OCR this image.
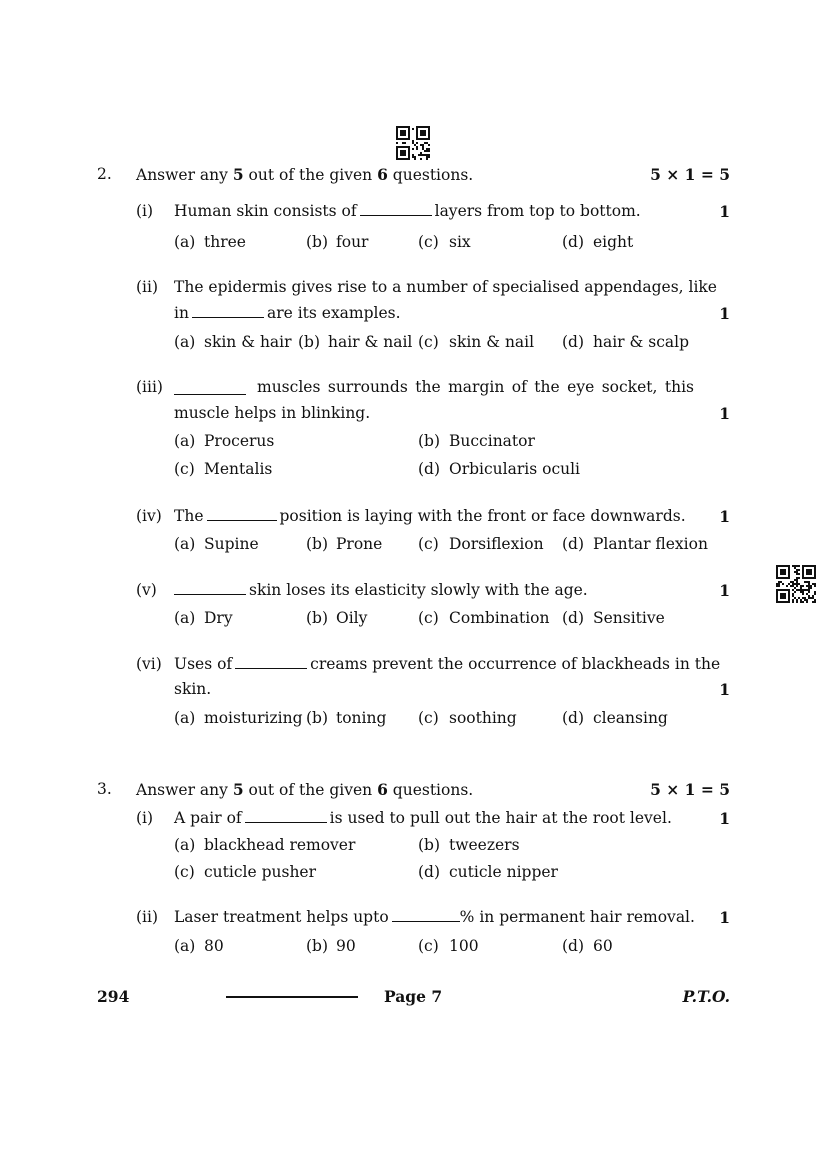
2. Answer any 5 out of the given 6 questions.	5 × 1 = 5
(i) Human skin consists of	layers from top to bottom.	1
(a) three	(b) four	(c) six	(d) eight
(ii) The epidermis gives rise to a number of specialised appendages, like
in	are its examples.	1
(a) skin & hair (b) hair & nail (c) skin & nail (d) hair & scalp
(iii)	muscles surrounds the margin of the eye socket, this
muscle helps in blinking.	1
(a) Procerus	(b) Buccinator
(c) Mentalis	(d) Orbicularis oculi
(iv) The	position is laying with the front or face downwards. 1
(a) Supine	(b) Prone (c) Dorsiflexion (d) Plantar flexion
(v)	skin loses its elasticity slowly with the age.	1
(a) Dry	(b) Oily	(c) Combination (d) Sensitive
(vi) Uses of	creams prevent the occurrence of blackheads in the
skin.	1
(a) moisturizing (b) toning (c) soothing	(d) cleansing
3. Answer any 5 out of the given 6 questions.	5 × 1 = 5
(i) A pair of	is used to pull out the hair at the root level.	1
(a) blackhead remover	(b) tweezers
(c) cuticle pusher	(d) cuticle nipper
(ii) Laser treatment helps upto	% in permanent hair removal. 1
(a) 80	(b) 90	(c) 100	(d) 60
294	Page 7	P.T.O.
